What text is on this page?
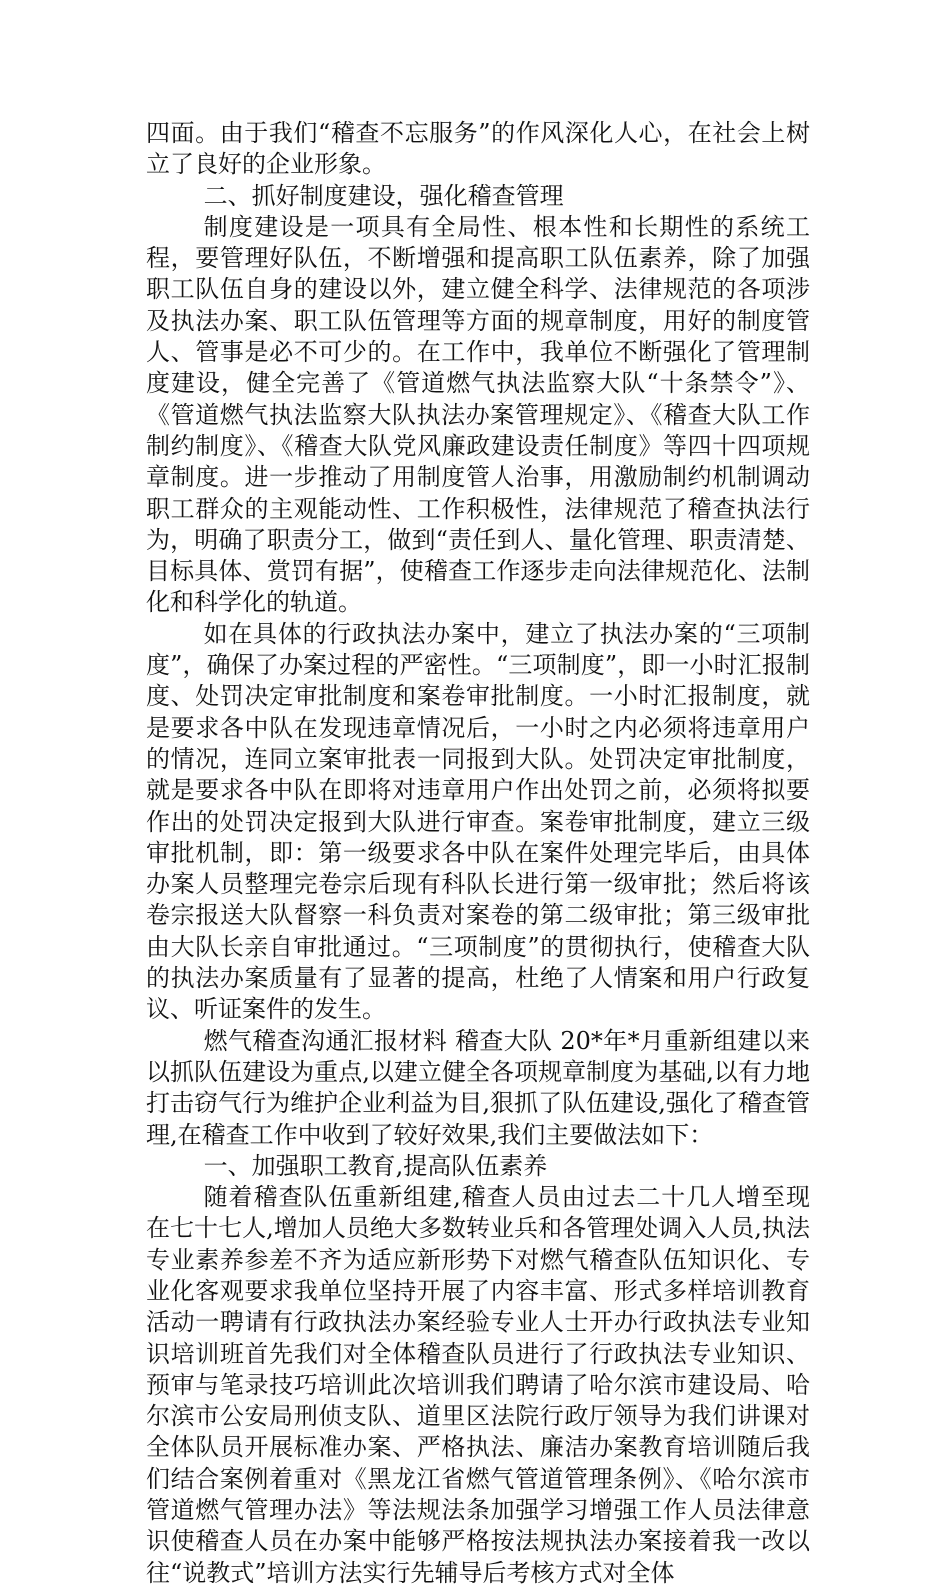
四面。由于我们“稽查不忘服务”的作风深化人心，在社会上树立了良好的企业形象。

二、抓好制度建设，强化稽查管理

制度建设是一项具有全局性、根本性和长期性的系统工程，要管理好队伍，不断增强和提高职工队伍素养，除了加强职工队伍自身的建设以外，建立健全科学、法律规范的各项涉及执法办案、职工队伍管理等方面的规章制度，用好的制度管人、管事是必不可少的。在工作中，我单位不断强化了管理制度建设，健全完善了《管道燃气执法监察大队“十条禁令”》、《管道燃气执法监察大队执法办案管理规定》、《稽查大队工作制约制度》、《稽查大队党风廉政建设责任制度》等四十四项规章制度。进一步推动了用制度管人治事，用激励制约机制调动职工群众的主观能动性、工作积极性，法律规范了稽查执法行为，明确了职责分工，做到“责任到人、量化管理、职责清楚、目标具体、赏罚有据”，使稽查工作逐步走向法律规范化、法制化和科学化的轨道。

如在具体的行政执法办案中，建立了执法办案的“三项制度”，确保了办案过程的严密性。“三项制度”，即一小时汇报制度、处罚决定审批制度和案卷审批制度。一小时汇报制度，就是要求各中队在发现违章情况后，一小时之内必须将违章用户的情况，连同立案审批表一同报到大队。处罚决定审批制度，就是要求各中队在即将对违章用户作出处罚之前，必须将拟要作出的处罚决定报到大队进行审查。案卷审批制度，建立三级审批机制，即：第一级要求各中队在案件处理完毕后，由具体办案人员整理完卷宗后现有科队长进行第一级审批；然后将该卷宗报送大队督察一科负责对案卷的第二级审批；第三级审批由大队长亲自审批通过。“三项制度”的贯彻执行，使稽查大队的执法办案质量有了显著的提高，杜绝了人情案和用户行政复议、听证案件的发生。

燃气稽查沟通汇报材料 稽查大队 20*年*月重新组建以来以抓队伍建设为重点,以建立健全各项规章制度为基础,以有力地打击窃气行为维护企业利益为目,狠抓了队伍建设,强化了稽查管理,在稽查工作中收到了较好效果,我们主要做法如下：

一、加强职工教育,提高队伍素养

随着稽查队伍重新组建,稽查人员由过去二十几人增至现在七十七人,增加人员绝大多数转业兵和各管理处调入人员,执法专业素养参差不齐为适应新形势下对燃气稽查队伍知识化、专业化客观要求我单位坚持开展了内容丰富、形式多样培训教育活动一聘请有行政执法办案经验专业人士开办行政执法专业知识培训班首先我们对全体稽查队员进行了行政执法专业知识、预审与笔录技巧培训此次培训我们聘请了哈尔滨市建设局、哈尔滨市公安局刑侦支队、道里区法院行政厅领导为我们讲课对全体队员开展标准办案、严格执法、廉洁办案教育培训随后我们结合案例着重对《黑龙江省燃气管道管理条例》、《哈尔滨市管道燃气管理办法》等法规法条加强学习增强工作人员法律意识使稽查人员在办案中能够严格按法规执法办案接着我一改以往“说教式”培训方法实行先辅导后考核方式对全体
